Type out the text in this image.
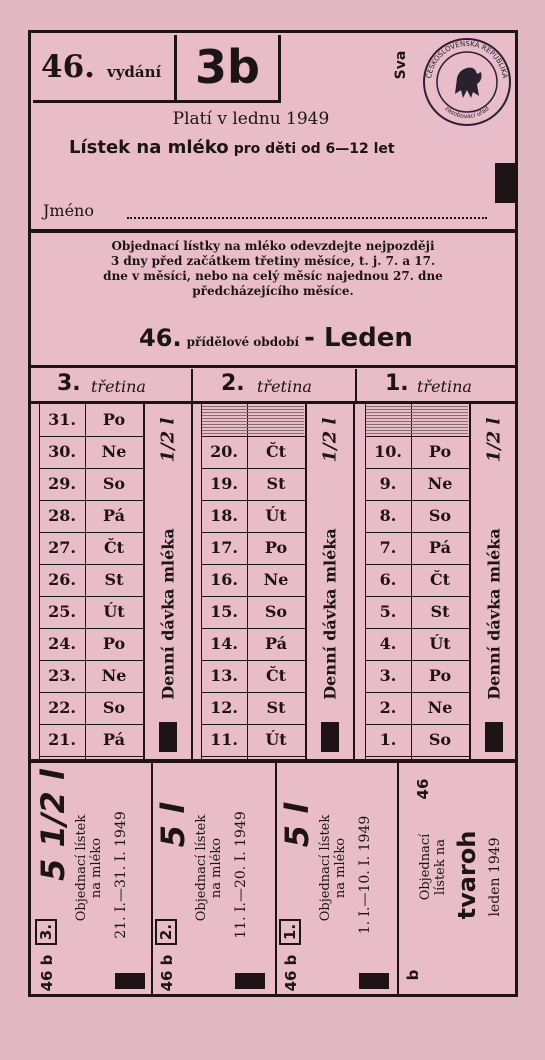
46. vydání 3b	Sva ČESKOSLOVENSKÁ REPUBLIKA
zásobovací úřad
Platí v lednu 1949
Lístek na mléko pro děti od 6—12 let
Jméno
Objednací lístky na mléko odevzdejte nejpozději
3 dny před začátkem třetiny měsíce, t. j. 7. a 17.
dne v měsíci, nebo na celý měsíc najednou 27. dne
předcházejícího měsíce.
46. přídělové období - Leden
3. třetina	2. třetina	1. třetina
31.	Po
30.	Ne
29.	So
28.	Pá
27.	Čt
26.	St
25.	Út
24.	Po
23.	Ne
22.	So
21.	Pá
Denní dávka mléka
1/2 l	20.	Čt
19.	St
18.	Út
17.	Po
16.	Ne
15.	So
14.	Pá
13.	Čt
12.	St
11.	Út
Denní dávka mléka
1/2 l	10.	Po
9.	Ne
8.	So
7.	Pá
6.	Čt
5.	St
4.	Út
3.	Po
2.	Ne
1.	So
Denní dávka mléka
1/2 l
3.
5 1/2 l Objednací lístek na mléko 21. I.—31. I. 1949
46 b
2.
5 l Objednací lístek na mléko 11. I.—20. I. 1949
46 b
1.
5 l Objednací lístek na mléko 1. I.—10. I. 1949
46 b
46
Objednací lístek na tvaroh leden 1949
b
